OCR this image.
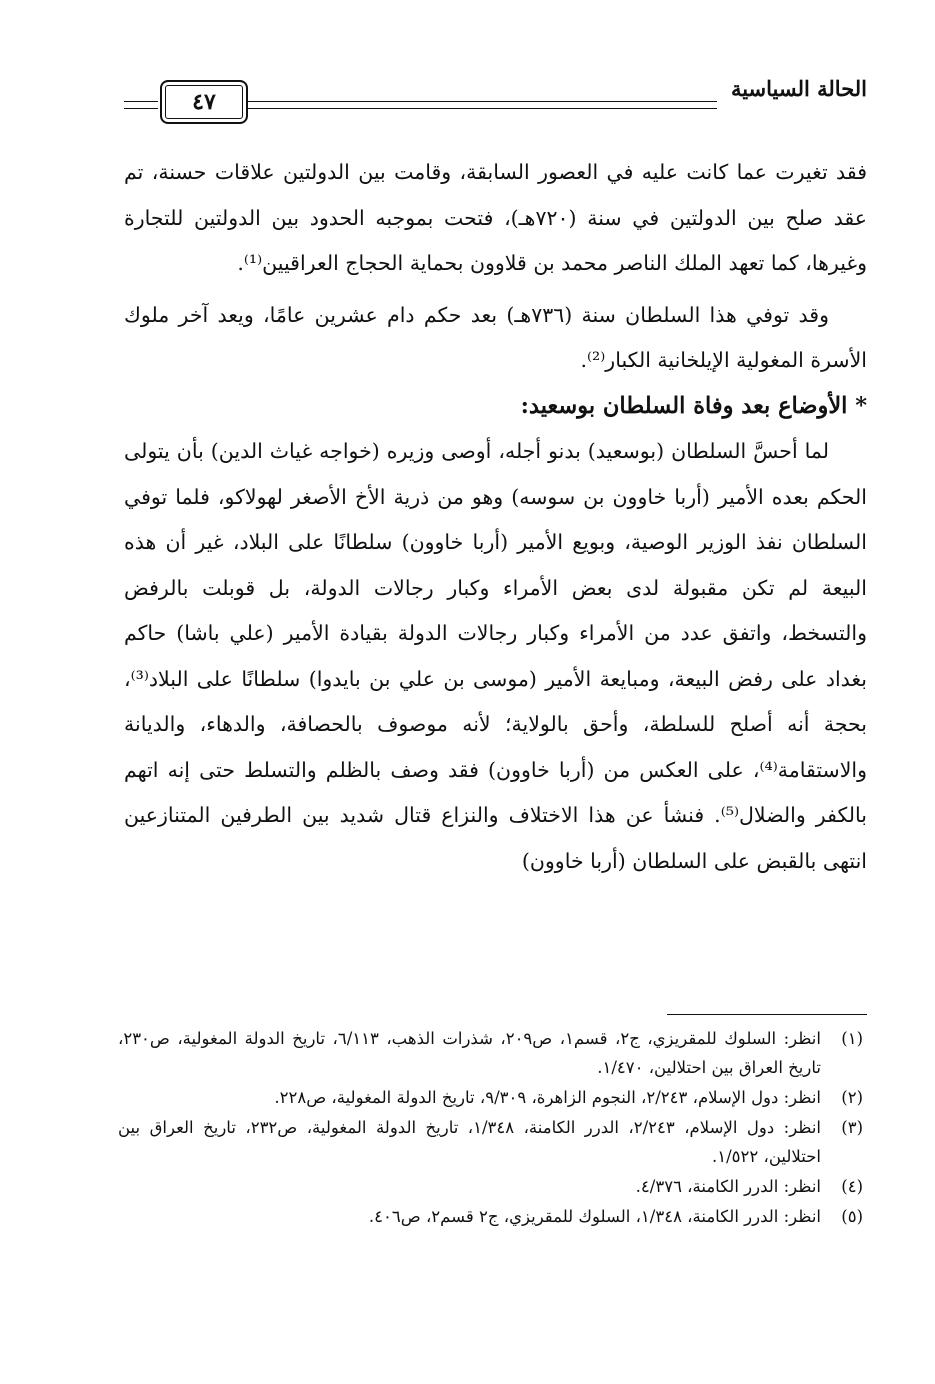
الحالة السياسية
٤٧

فقد تغيرت عما كانت عليه في العصور السابقة، وقامت بين الدولتين علاقات حسنة، تم عقد صلح بين الدولتين في سنة (٧٢٠هـ)، فتحت بموجبه الحدود بين الدولتين للتجارة وغيرها، كما تعهد الملك الناصر محمد بن قلاوون بحماية الحجاج العراقيين⁽¹⁾.

وقد توفي هذا السلطان سنة (٧٣٦هـ) بعد حكم دام عشرين عامًا، ويعد آخر ملوك الأسرة المغولية الإيلخانية الكبار⁽²⁾.

* الأوضاع بعد وفاة السلطان بوسعيد:

لما أحسَّ السلطان (بوسعيد) بدنو أجله، أوصى وزيره (خواجه غياث الدين) بأن يتولى الحكم بعده الأمير (أربا خاوون بن سوسه) وهو من ذرية الأخ الأصغر لهولاكو، فلما توفي السلطان نفذ الوزير الوصية، وبويع الأمير (أربا خاوون) سلطانًا على البلاد، غير أن هذه البيعة لم تكن مقبولة لدى بعض الأمراء وكبار رجالات الدولة، بل قوبلت بالرفض والتسخط، واتفق عدد من الأمراء وكبار رجالات الدولة بقيادة الأمير (علي باشا) حاكم بغداد على رفض البيعة، ومبايعة الأمير (موسى بن علي بن بايدوا) سلطانًا على البلاد⁽³⁾، بحجة أنه أصلح للسلطة، وأحق بالولاية؛ لأنه موصوف بالحصافة، والدهاء، والديانة والاستقامة⁽⁴⁾، على العكس من (أربا خاوون) فقد وصف بالظلم والتسلط حتى إنه اتهم بالكفر والضلال⁽⁵⁾. فنشأ عن هذا الاختلاف والنزاع قتال شديد بين الطرفين المتنازعين انتهى بالقبض على السلطان (أربا خاوون)

(١)
انظر: السلوك للمقريزي، ج٢، قسم١، ص٢٠٩، شذرات الذهب، ٦/١١٣، تاريخ الدولة المغولية، ص٢٣٠، تاريخ العراق بين احتلالين، ١/٤٧٠.
(٢)
انظر: دول الإسلام، ٢/٢٤٣، النجوم الزاهرة، ٩/٣٠٩، تاريخ الدولة المغولية، ص٢٢٨.
(٣)
انظر: دول الإسلام، ٢/٢٤٣، الدرر الكامنة، ١/٣٤٨، تاريخ الدولة المغولية، ص٢٣٢، تاريخ العراق بين احتلالين، ١/٥٢٢.
(٤)
انظر: الدرر الكامنة، ٤/٣٧٦.
(٥)
انظر: الدرر الكامنة، ١/٣٤٨، السلوك للمقريزي، ج٢ قسم٢، ص٤٠٦.
